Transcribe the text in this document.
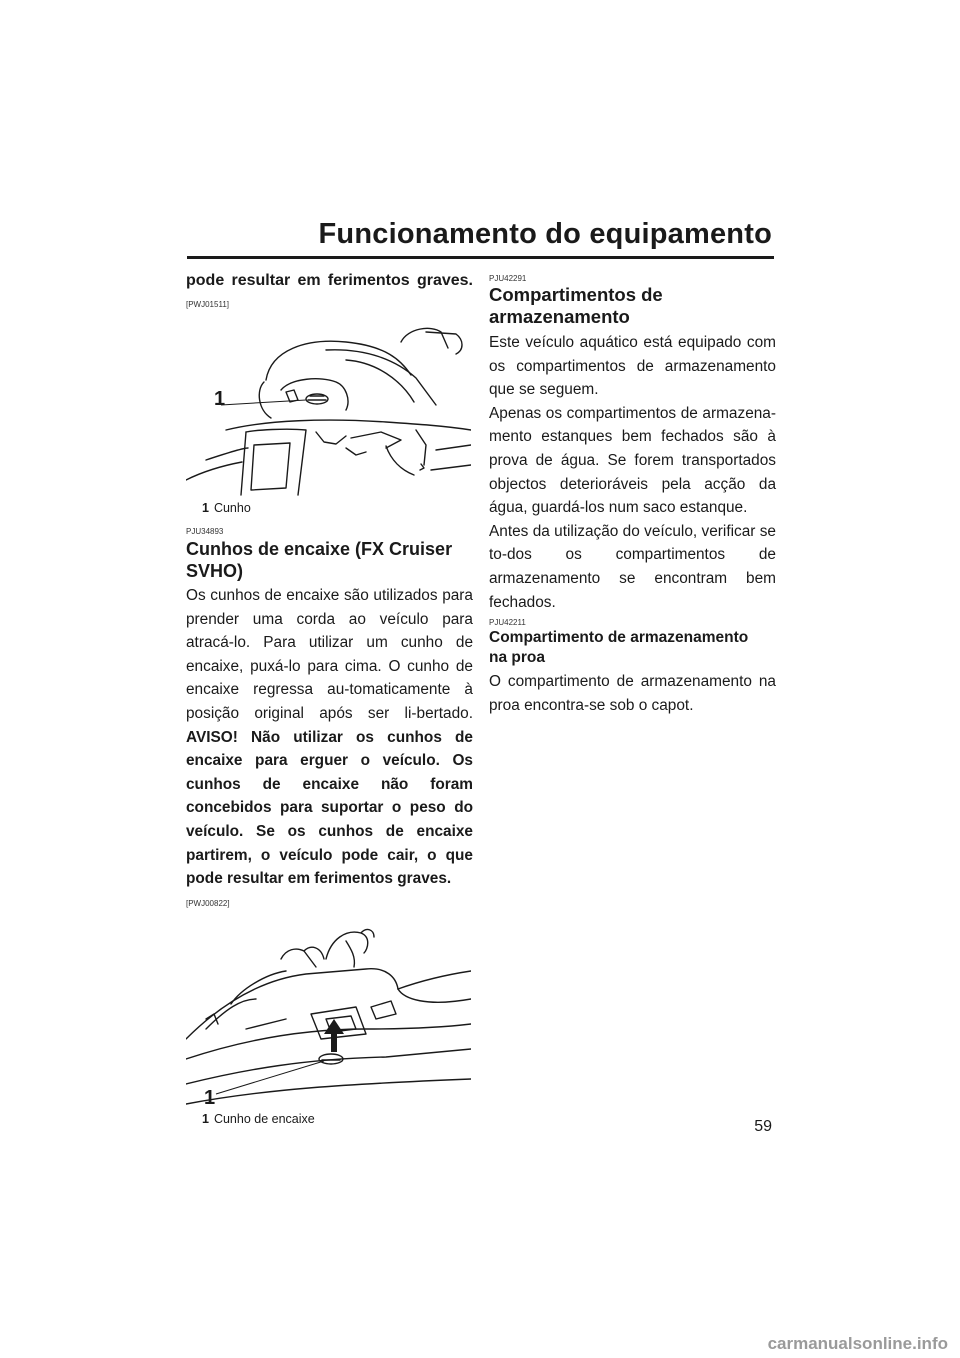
Funcionamento do equipamento

pode resultar em ferimentos graves.

[PWJ01511]

1

1 Cunho

PJU34893

Cunhos de encaixe (FX Cruiser SVHO)

Os cunhos de encaixe são utilizados para prender uma corda ao veículo para atracá-lo. Para utilizar um cunho de encaixe, puxá-lo para cima. O cunho de encaixe regressa au-tomaticamente à posição original após ser li-bertado. AVISO! Não utilizar os cunhos de encaixe para erguer o veículo. Os cunhos de encaixe não foram concebidos para suportar o peso do veículo. Se os cunhos de encaixe partirem, o veículo pode cair, o que pode resultar em ferimentos graves.

[PWJ00822]

1

1 Cunho de encaixe

PJU42291

Compartimentos de armazenamento

Este veículo aquático está equipado com os compartimentos de armazenamento que se seguem.

Apenas os compartimentos de armazena-mento estanques bem fechados são à prova de água. Se forem transportados objectos deterioráveis pela acção da água, guardá-los num saco estanque.

Antes da utilização do veículo, verificar se to-dos os compartimentos de armazenamento se encontram bem fechados.

PJU42211

Compartimento de armazenamento na proa

O compartimento de armazenamento na proa encontra-se sob o capot.

59
carmanualsonline.info
